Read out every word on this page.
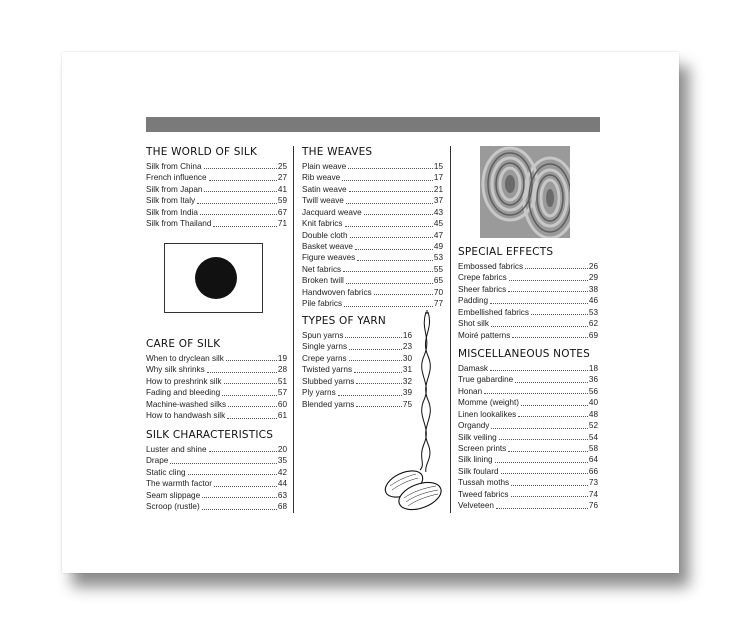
THE WORLD OF SILK
Silk from China	25
French influence	27
Silk from Japan	41
Silk from Italy	59
Silk from India	67
Silk from Thailand	71
CARE OF SILK
When to dryclean silk	19
Why silk shrinks	28
How to preshrink silk	51
Fading and bleeding	57
Machine-washed silks	60
How to handwash silk	61
SILK CHARACTERISTICS
Luster and shine	20
Drape	35
Static cling	42
The warmth factor	44
Seam slippage	63
Scroop (rustle)	68
THE WEAVES
Plain weave	15
Rib weave	17
Satin weave	21
Twill weave	37
Jacquard weave	43
Knit fabrics	45
Double cloth	47
Basket weave	49
Figure weaves	53
Net fabrics	55
Broken twill	65
Handwoven fabrics	70
Pile fabrics	77
TYPES OF YARN
Spun yarns	16
Single yarns	23
Crepe yarns	30
Twisted yarns	31
Slubbed yarns	32
Ply yarns	39
Blended yarns	75
SPECIAL EFFECTS
Embossed fabrics	26
Crepe fabrics	29
Sheer fabrics	38
Padding	46
Embellished fabrics	53
Shot silk	62
Moiré patterns	69
MISCELLANEOUS NOTES
Damask	18
True gabardine	36
Honan	56
Momme (weight)	40
Linen lookalikes	48
Organdy	52
Silk veiling	54
Screen prints	58
Silk lining	64
Silk foulard	66
Tussah moths	73
Tweed fabrics	74
Velveteen	76
